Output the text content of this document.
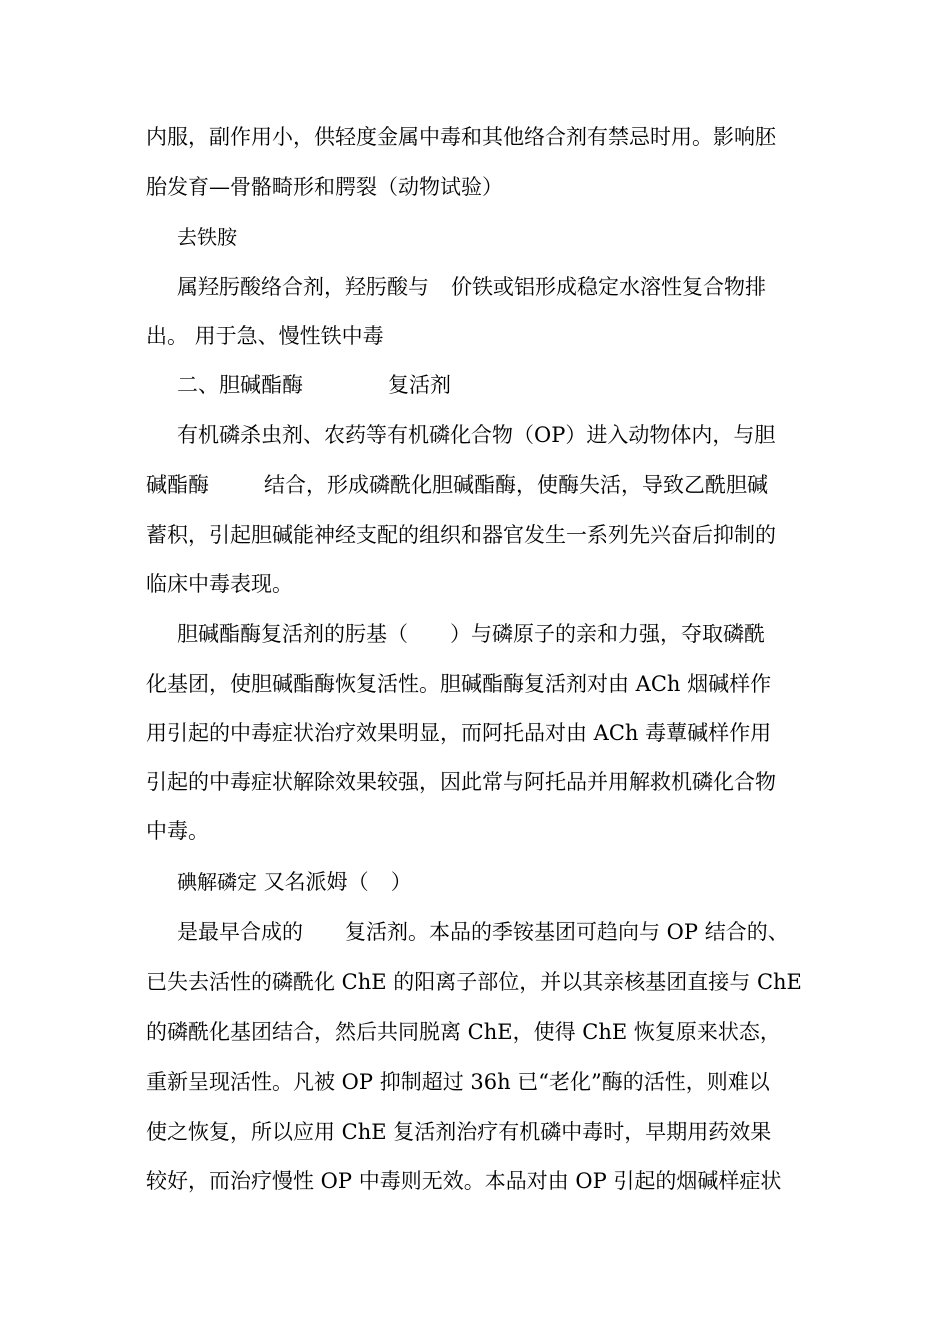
内服，副作用小，供轻度金属中毒和其他络合剂有禁忌时用。影响胚
胎发育—骨骼畸形和腭裂（动物试验）
去铁胺
属羟肟酸络合剂，羟肟酸与 价铁或铝形成稳定水溶性复合物排
出。 用于急、慢性铁中毒
二、胆碱酯酶	复活剂
有机磷杀虫剂、农药等有机磷化合物（OP）进入动物体内，与胆
碱酯酶	结合，形成磷酰化胆碱酯酶，使酶失活，导致乙酰胆碱
蓄积，引起胆碱能神经支配的组织和器官发生一系列先兴奋后抑制的
临床中毒表现。
胆碱酯酶复活剂的肟基（ ）与磷原子的亲和力强，夺取磷酰
化基团，使胆碱酯酶恢复活性。胆碱酯酶复活剂对由 ACh 烟碱样作
用引起的中毒症状治疗效果明显，而阿托品对由 ACh 毒蕈碱样作用
引起的中毒症状解除效果较强，因此常与阿托品并用解救机磷化合物
中毒。
碘解磷定 又名派姆（ ）
是最早合成的 复活剂。本品的季铵基团可趋向与 OP 结合的、
已失去活性的磷酰化 ChE 的阳离子部位，并以其亲核基团直接与 ChE
的磷酰化基团结合，然后共同脱离 ChE，使得 ChE 恢复原来状态，
重新呈现活性。凡被 OP 抑制超过 36h 已“老化”酶的活性，则难以
使之恢复，所以应用 ChE 复活剂治疗有机磷中毒时，早期用药效果
较好，而治疗慢性 OP 中毒则无效。本品对由 OP 引起的烟碱样症状
